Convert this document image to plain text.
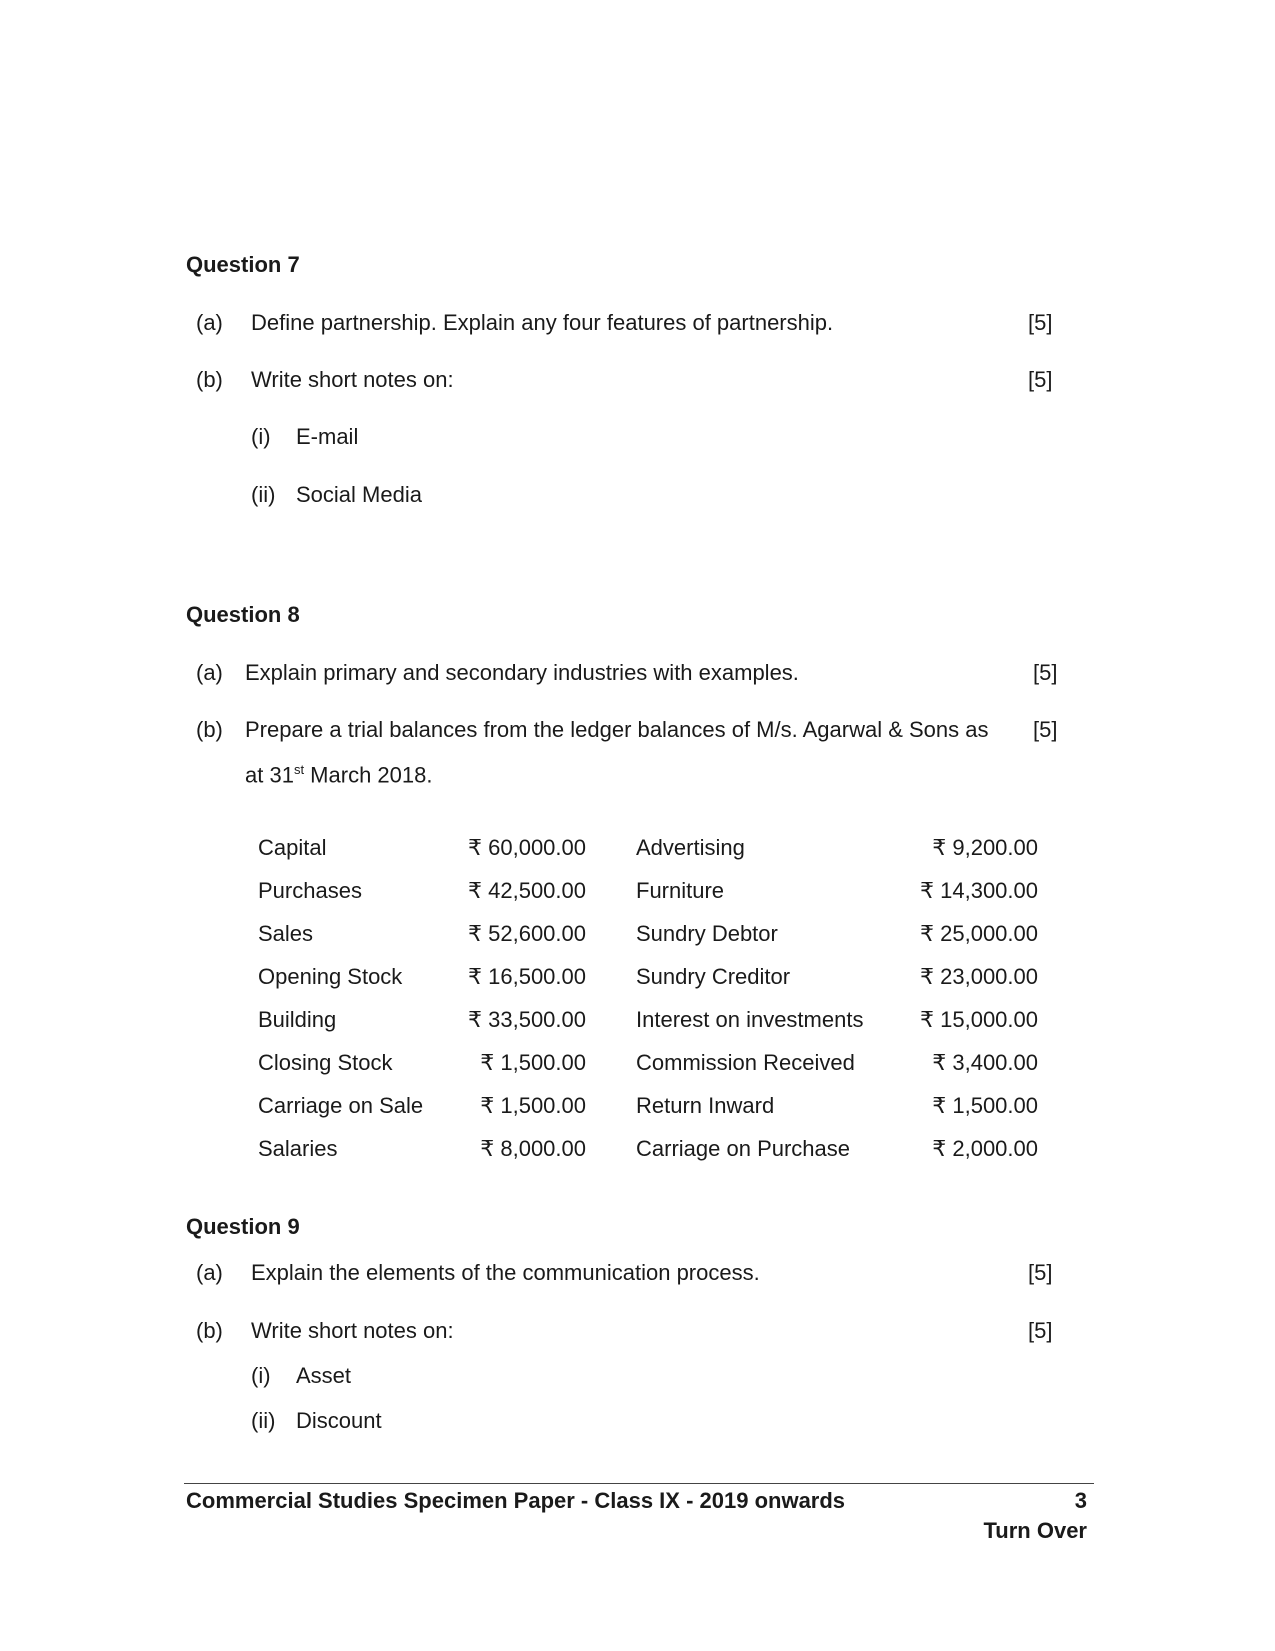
Question 7
(a) Define partnership. Explain any four features of partnership.	[5]
(b) Write short notes on:	[5]
(i) E-mail
(ii) Social Media
Question 8
(a) Explain primary and secondary industries with examples.	[5]
(b) Prepare a trial balances from the ledger balances of M/s. Agarwal & Sons as [5]
at 31st March 2018.
Capital	₹ 60,000.00		Advertising	₹ 9,200.00
Purchases	₹ 42,500.00		Furniture	₹ 14,300.00
Sales	₹ 52,600.00		Sundry Debtor	₹ 25,000.00
Opening Stock	₹ 16,500.00		Sundry Creditor	₹ 23,000.00
Building	₹ 33,500.00		Interest on investments	₹ 15,000.00
Closing Stock	₹ 1,500.00		Commission Received	₹ 3,400.00
Carriage on Sale	₹ 1,500.00		Return Inward	₹ 1,500.00
Salaries	₹ 8,000.00		Carriage on Purchase	₹ 2,000.00
Question 9
(a) Explain the elements of the communication process.	[5]
(b) Write short notes on:	[5]
(i) Asset
(ii) Discount
Commercial Studies Specimen Paper - Class IX - 2019 onwards	3
Turn Over
